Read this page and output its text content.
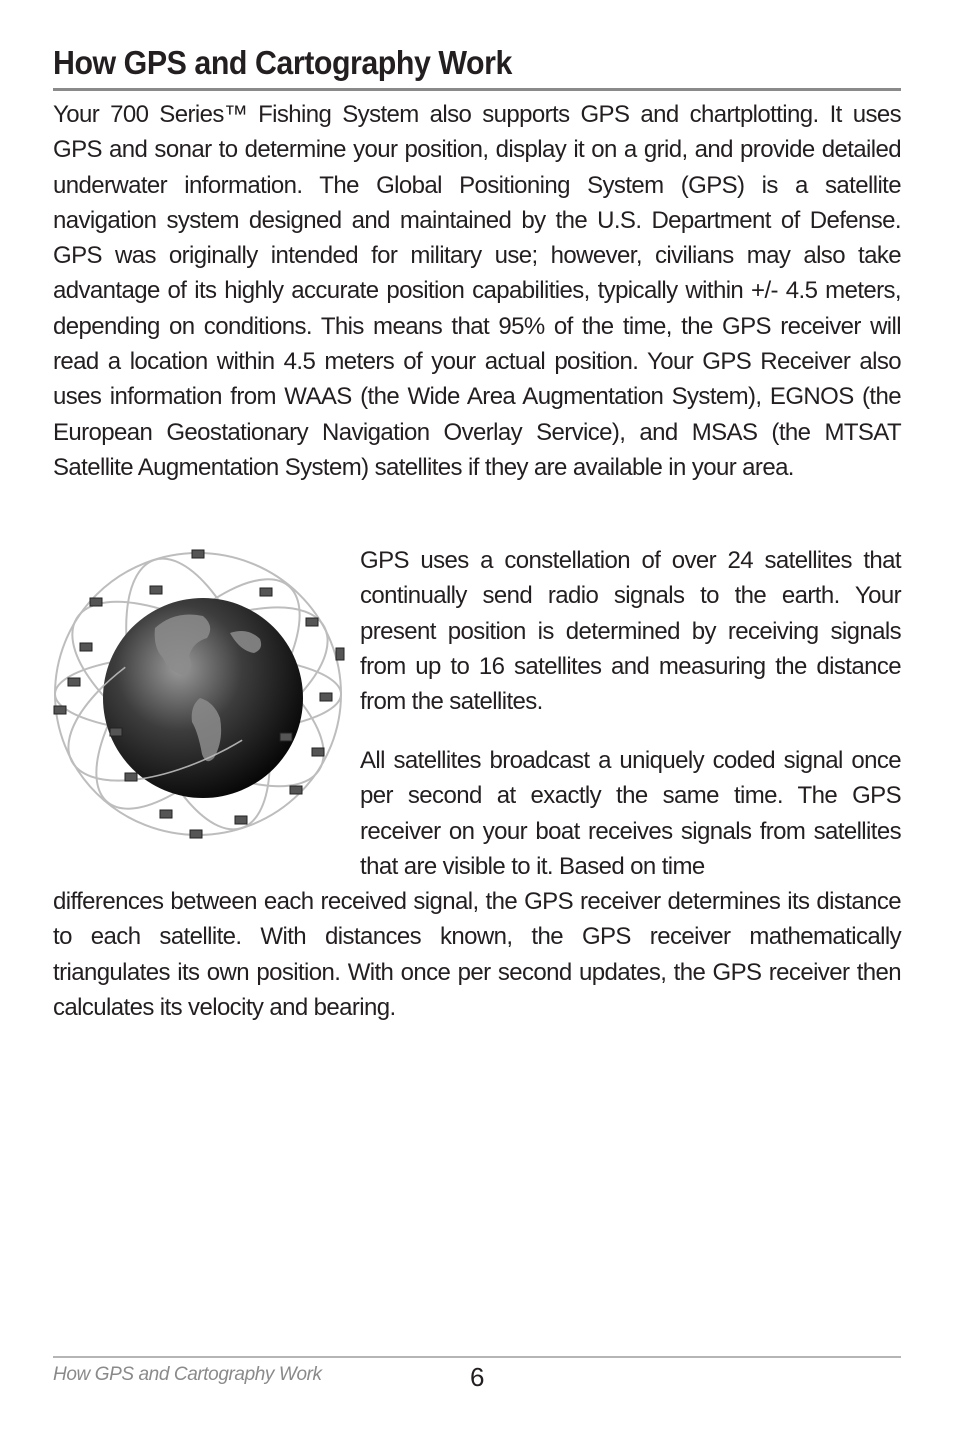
How GPS and Cartography Work

Your 700 Series™ Fishing System also supports GPS and chartplotting. It uses GPS and sonar to determine your position, display it on a grid, and provide detailed underwater information. The Global Positioning System (GPS) is a satellite navigation system designed and maintained by the U.S. Department of Defense. GPS was originally intended for military use; however, civilians may also take advantage of its highly accurate position capabilities, typically within +/- 4.5 meters, depending on conditions. This means that 95% of the time, the GPS receiver will read a location within 4.5 meters of your actual position. Your GPS Receiver also uses information from WAAS (the Wide Area Augmentation System), EGNOS (the European Geostationary Navigation Overlay Service), and MSAS (the MTSAT Satellite Augmentation System) satellites if they are available in your area.

GPS uses a constellation of over 24 satellites that continually send radio signals to the earth. Your present position is determined by receiving signals from up to 16 satellites and measuring the distance from the satellites.

All satellites broadcast a uniquely coded signal once per second at exactly the same time. The GPS receiver on your boat receives signals from satellites that are visible to it. Based on time

differences between each received signal, the GPS receiver determines its distance to each satellite. With distances known, the GPS receiver mathematically triangulates its own position. With once per second updates, the GPS receiver then calculates its velocity and bearing.

How GPS and Cartography Work	6
